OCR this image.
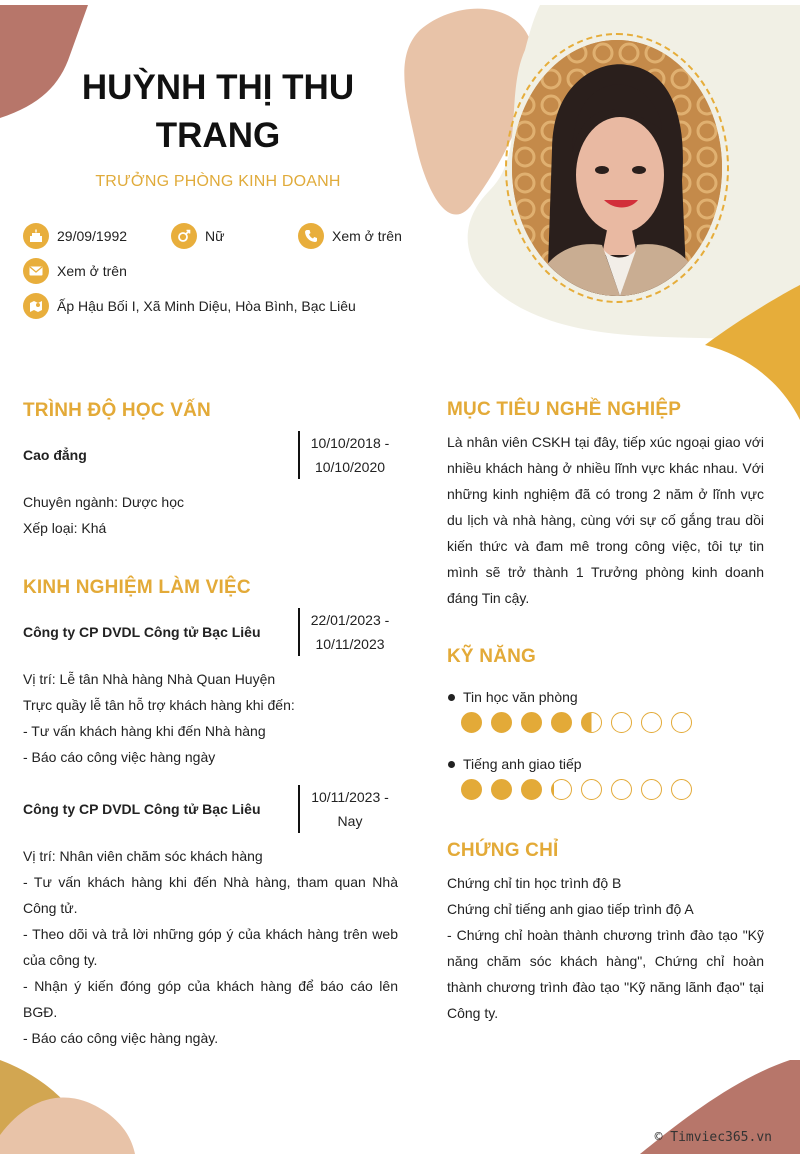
HUỲNH THỊ THU TRANG
TRƯỞNG PHÒNG KINH DOANH
29/09/1992	Nữ	Xem ở trên
Xem ở trên
Ấp Hậu Bối I, Xã Minh Diệu, Hòa Bình, Bạc Liêu
TRÌNH ĐỘ HỌC VẤN
Cao đẳng
10/10/2018 -
10/10/2020
Chuyên ngành: Dược học
Xếp loại: Khá
KINH NGHIỆM LÀM VIỆC
Công ty CP DVDL Công tử Bạc Liêu
22/01/2023 -
10/11/2023
Vị trí: Lễ tân Nhà hàng Nhà Quan Huyện
Trực quầy lễ tân hỗ trợ khách hàng khi đến:
- Tư vấn khách hàng khi đến Nhà hàng
- Báo cáo công việc hàng ngày
Công ty CP DVDL Công tử Bạc Liêu
10/11/2023 -
Nay
Vị trí: Nhân viên chăm sóc khách hàng
- Tư vấn khách hàng khi đến Nhà hàng, tham quan Nhà Công tử.
- Theo dõi và trả lời những góp ý của khách hàng trên web của công ty.
- Nhận ý kiến đóng góp của khách hàng để báo cáo lên BGĐ.
- Báo cáo công việc hàng ngày.
MỤC TIÊU NGHỀ NGHIỆP
Là nhân viên CSKH tại đây, tiếp xúc ngoại giao với nhiều khách hàng ở nhiều lĩnh vực khác nhau. Với những kinh nghiệm đã có trong 2 năm ở lĩnh vực du lịch và nhà hàng, cùng với sự cố gắng trau dồi kiến thức và đam mê trong công việc, tôi tự tin mình sẽ trở thành 1 Trưởng phòng kinh doanh đáng Tin cậy.
KỸ NĂNG
Tin học văn phòng
Tiếng anh giao tiếp
CHỨNG CHỈ
Chứng chỉ tin học trình độ B
Chứng chỉ tiếng anh giao tiếp trình độ A
- Chứng chỉ hoàn thành chương trình đào tạo "Kỹ năng chăm sóc khách hàng", Chứng chỉ hoàn thành chương trình đào tạo "Kỹ năng lãnh đạo" tại Công ty.
© Timviec365.vn
